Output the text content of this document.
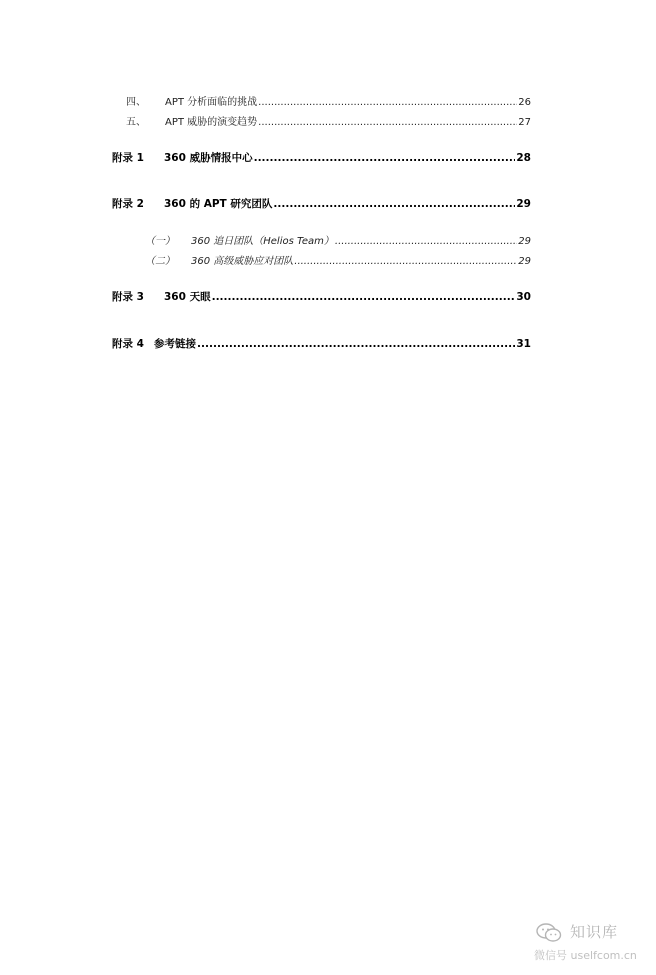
四、	APT 分析面临的挑战 .....	26
五、	APT 威胁的演变趋势 .....	27
附录 1	360 威胁情报中心 .....	28
附录 2	360 的 APT 研究团队 .....	29
（一）	360 追日团队（Helios Team） .....	29
（二）	360 高级威胁应对团队 .....	29
附录 3	360 天眼 .....	30
附录 4 参考链接 .....	31
知识库
微信号 uselfcom.cn
